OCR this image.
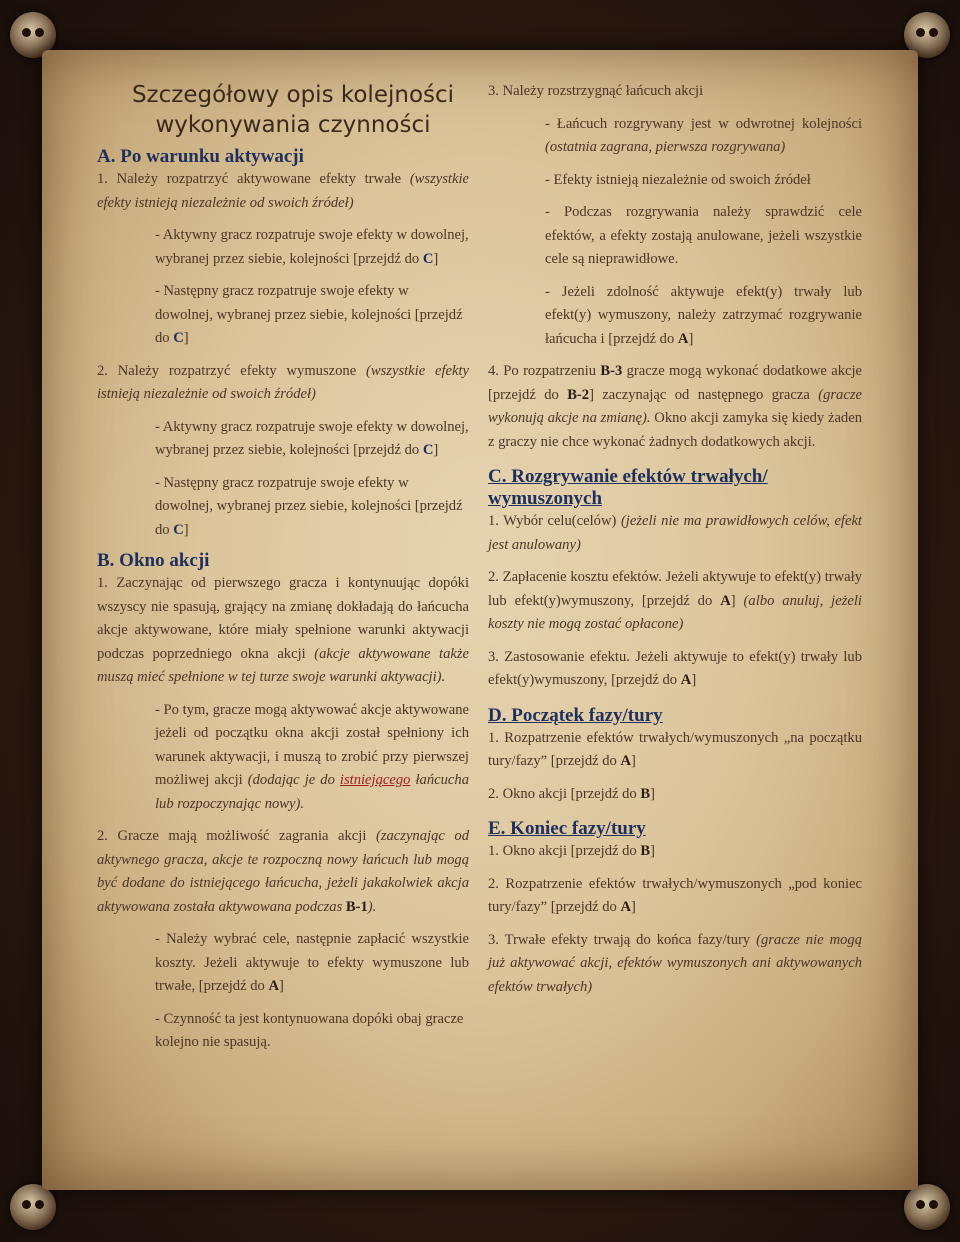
Szczegółowy opis kolejności
wykonywania czynności
A. Po warunku aktywacji

1. Należy rozpatrzyć aktywowane efekty trwałe (wszystkie efekty istnieją niezależnie od swoich źródeł)

- Aktywny gracz rozpatruje swoje efekty w dowolnej, wybranej przez siebie, kolejności [przejdź do C]

- Następny gracz rozpatruje swoje efekty w dowolnej, wybranej przez siebie, kolejności [przejdź do C]

2. Należy rozpatrzyć efekty wymuszone (wszystkie efekty istnieją niezależnie od swoich źródeł)

- Aktywny gracz rozpatruje swoje efekty w dowolnej, wybranej przez siebie, kolejności [przejdź do C]

- Następny gracz rozpatruje swoje efekty w dowolnej, wybranej przez siebie, kolejności [przejdź do C]

B. Okno akcji

1. Zaczynając od pierwszego gracza i kontynuując dopóki wszyscy nie spasują, grający na zmianę dokładają do łańcucha akcje aktywowane, które miały spełnione warunki aktywacji podczas poprzedniego okna akcji (akcje aktywowane także muszą mieć spełnione w tej turze swoje warunki aktywacji).

- Po tym, gracze mogą aktywować akcje aktywowane jeżeli od początku okna akcji został spełniony ich warunek aktywacji, i muszą to zrobić przy pierwszej możliwej akcji (dodając je do istniejącego łańcucha lub rozpoczynając nowy).

2. Gracze mają możliwość zagrania akcji (zaczynając od aktywnego gracza, akcje te rozpoczną nowy łańcuch lub mogą być dodane do istniejącego łańcucha, jeżeli jakakolwiek akcja aktywowana została aktywowana podczas B-1).

- Należy wybrać cele, następnie zapłacić wszystkie koszty. Jeżeli aktywuje to efekty wymuszone lub trwałe, [przejdź do A]

- Czynność ta jest kontynuowana dopóki obaj gracze kolejno nie spasują.

3. Należy rozstrzygnąć łańcuch akcji

- Łańcuch rozgrywany jest w odwrotnej kolejności (ostatnia zagrana, pierwsza rozgrywana)

- Efekty istnieją niezależnie od swoich źródeł

- Podczas rozgrywania należy sprawdzić cele efektów, a efekty zostają anulowane, jeżeli wszystkie cele są nieprawidłowe.

- Jeżeli zdolność aktywuje efekt(y) trwały lub efekt(y) wymuszony, należy zatrzymać rozgrywanie łańcucha i [przejdź do A]

4. Po rozpatrzeniu B-3 gracze mogą wykonać dodatkowe akcje [przejdź do B-2] zaczynając od następnego gracza (gracze wykonują akcje na zmianę). Okno akcji zamyka się kiedy żaden z graczy nie chce wykonać żadnych dodatkowych akcji.

C. Rozgrywanie efektów trwałych/ wymuszonych

1. Wybór celu(celów) (jeżeli nie ma prawidłowych celów, efekt jest anulowany)

2. Zapłacenie kosztu efektów. Jeżeli aktywuje to efekt(y) trwały lub efekt(y)wymuszony, [przejdź do A] (albo anuluj, jeżeli koszty nie mogą zostać opłacone)

3. Zastosowanie efektu. Jeżeli aktywuje to efekt(y) trwały lub efekt(y)wymuszony, [przejdź do A]

D. Początek fazy/tury

1. Rozpatrzenie efektów trwałych/wymuszonych „na początku tury/fazy” [przejdź do A]

2. Okno akcji [przejdź do B]

E. Koniec fazy/tury

1. Okno akcji [przejdź do B]

2. Rozpatrzenie efektów trwałych/wymuszonych „pod koniec tury/fazy” [przejdź do A]

3. Trwałe efekty trwają do końca fazy/tury (gracze nie mogą już aktywować akcji, efektów wymuszonych ani aktywowanych efektów trwałych)
